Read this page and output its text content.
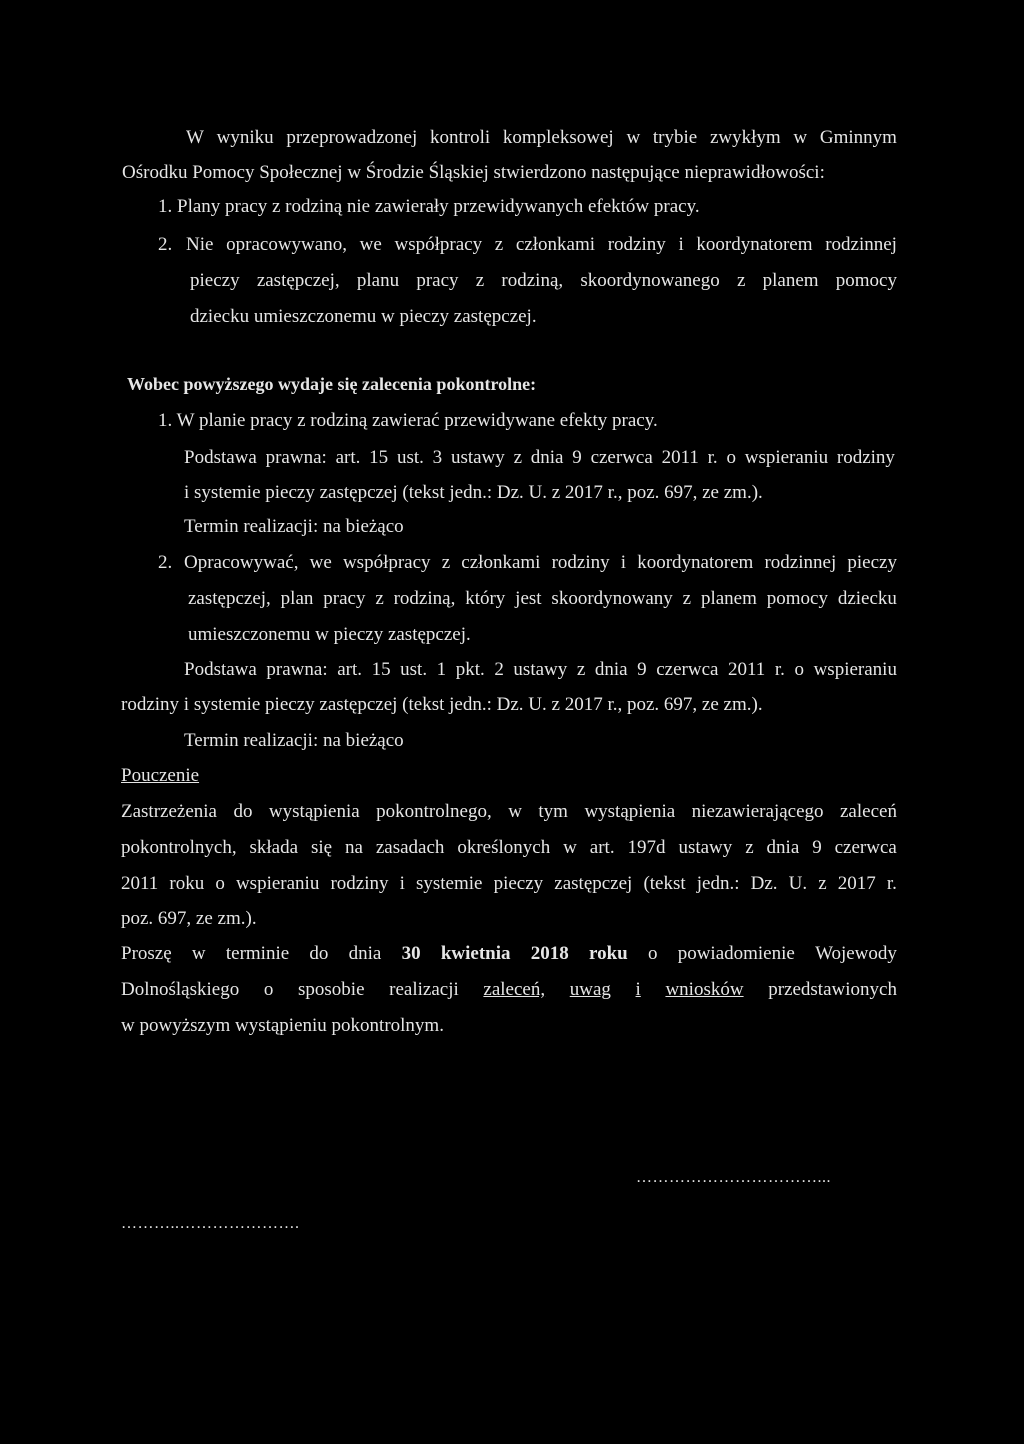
W wyniku przeprowadzonej kontroli kompleksowej w trybie zwykłym w Gminnym
Ośrodku Pomocy Społecznej w Środzie Śląskiej stwierdzono następujące nieprawidłowości:
1. Plany pracy z rodziną nie zawierały przewidywanych efektów pracy.
2. Nie opracowywano, we współpracy z członkami rodziny i koordynatorem rodzinnej
pieczy zastępczej, planu pracy z rodziną, skoordynowanego z planem pomocy
dziecku umieszczonemu w pieczy zastępczej.
Wobec powyższego wydaje się zalecenia pokontrolne:
1. W planie pracy z rodziną zawierać przewidywane efekty pracy.
Podstawa prawna: art. 15 ust. 3 ustawy z dnia 9 czerwca 2011 r. o wspieraniu rodziny
i systemie pieczy zastępczej (tekst jedn.: Dz. U. z 2017 r., poz. 697, ze zm.).
Termin realizacji: na bieżąco
2. Opracowywać, we współpracy z członkami rodziny i koordynatorem rodzinnej pieczy
zastępczej, plan pracy z rodziną, który jest skoordynowany z planem pomocy dziecku
umieszczonemu w pieczy zastępczej.
Podstawa prawna: art. 15 ust. 1 pkt. 2 ustawy z dnia 9 czerwca 2011 r. o wspieraniu
rodziny i systemie pieczy zastępczej (tekst jedn.: Dz. U. z 2017 r., poz. 697, ze zm.).
Termin realizacji: na bieżąco
Pouczenie
Zastrzeżenia do wystąpienia pokontrolnego, w tym wystąpienia niezawierającego zaleceń
pokontrolnych, składa się na zasadach określonych w art. 197d ustawy z dnia 9 czerwca
2011 roku o wspieraniu rodziny i systemie pieczy zastępczej (tekst jedn.: Dz. U. z 2017 r.
poz. 697, ze zm.).
Proszę w terminie do dnia 30 kwietnia 2018 roku o powiadomienie Wojewody
Dolnośląskiego o sposobie realizacji zaleceń, uwag i wniosków przedstawionych
w powyższym wystąpieniu pokontrolnym.
……………………………...
………..………………….
